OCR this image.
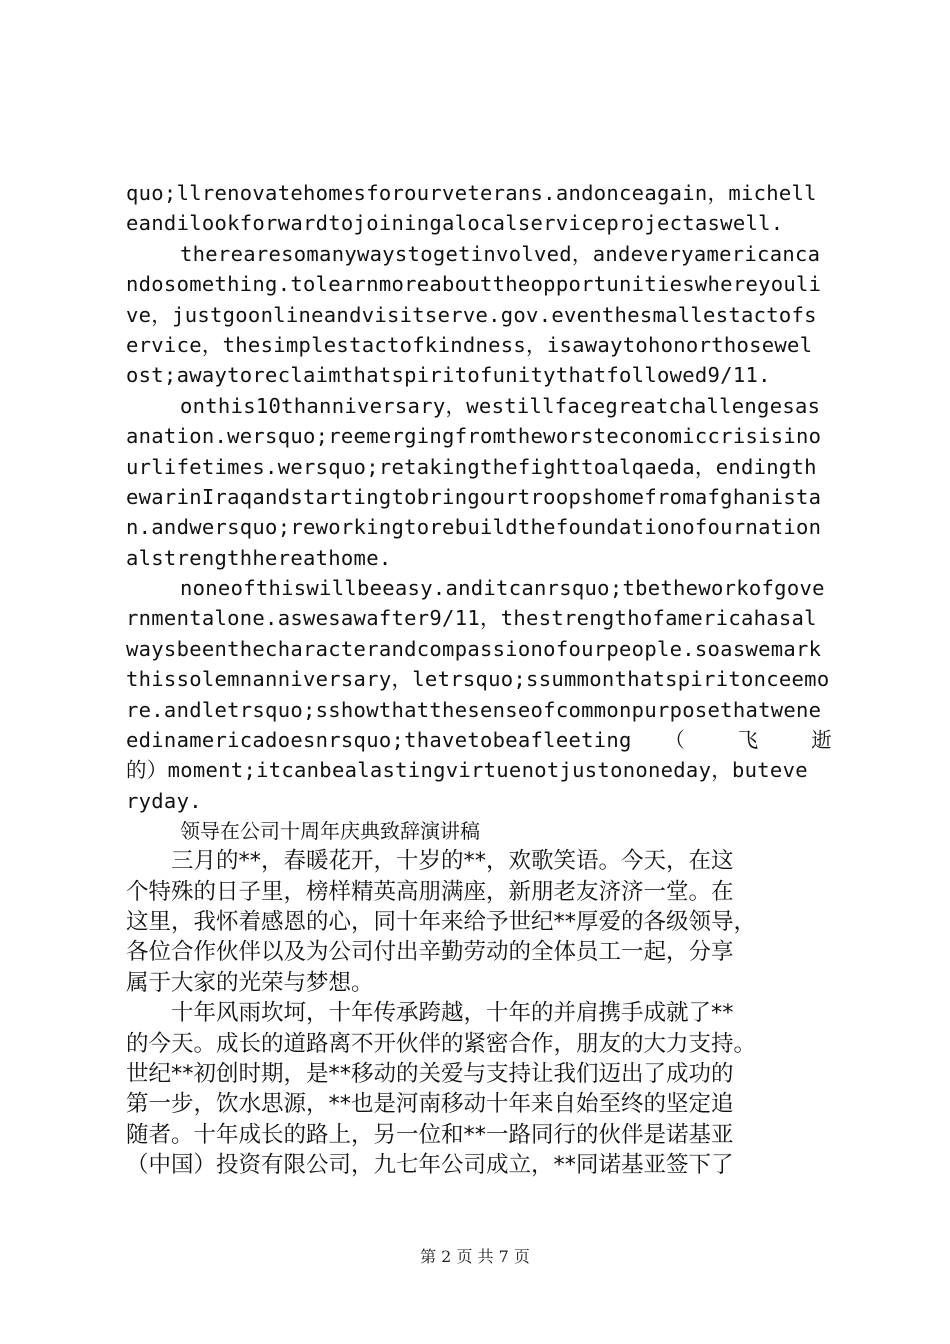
quo;llrenovatehomesforourveterans.andonceagain，michell
eandilookforwardtojoiningalocalserviceprojectaswell.
therearesomanywaystogetinvolved，andeveryamericanca
ndosomething.tolearnmoreabouttheopportunitieswhereyouli
ve，justgoonlineandvisitserve.gov.eventhesmallestactofs
ervice，thesimplestactofkindness，isawaytohonorthosewel
ost;awaytoreclaimthatspiritofunitythatfollowed9/11.
onthis10thanniversary，westillfacegreatchallengesas
anation.wersquo;reemergingfromtheworsteconomiccrisisino
urlifetimes.wersquo;retakingthefighttoalqaeda，endingth
ewarinIraqandstartingtobringourtroopshomefromafghanista
n.andwersquo;reworkingtorebuildthefoundationofournation
alstrengthhereathome.
noneofthiswillbeeasy.anditcanrsquo;tbetheworkofgove
rnmentalone.aswesawafter9/11，thestrengthofamericahasal
waysbeenthecharacterandcompassionofourpeople.soaswemark
thissolemnanniversary，letrsquo;ssummonthatspiritonceemo
re.andletrsquo;sshowthatthesenseofcommonpurposethatwene
edinamericadoesnrsquo;thavetobeafleeting （ 飞 逝
的）moment;itcanbealastingvirtuenotjustononeday，buteve
ryday.
领导在公司十周年庆典致辞演讲稿
　　三月的**，春暖花开，十岁的**，欢歌笑语。今天，在这
个特殊的日子里，榜样精英高朋满座，新朋老友济济一堂。在
这里，我怀着感恩的心，同十年来给予世纪**厚爱的各级领导，
各位合作伙伴以及为公司付出辛勤劳动的全体员工一起，分享
属于大家的光荣与梦想。
　　十年风雨坎坷，十年传承跨越，十年的并肩携手成就了**
的今天。成长的道路离不开伙伴的紧密合作，朋友的大力支持。
世纪**初创时期，是**移动的关爱与支持让我们迈出了成功的
第一步，饮水思源，**也是河南移动十年来自始至终的坚定追
随者。十年成长的路上，另一位和**一路同行的伙伴是诺基亚
（中国）投资有限公司，九七年公司成立，**同诺基亚签下了
第 2 页 共 7 页
